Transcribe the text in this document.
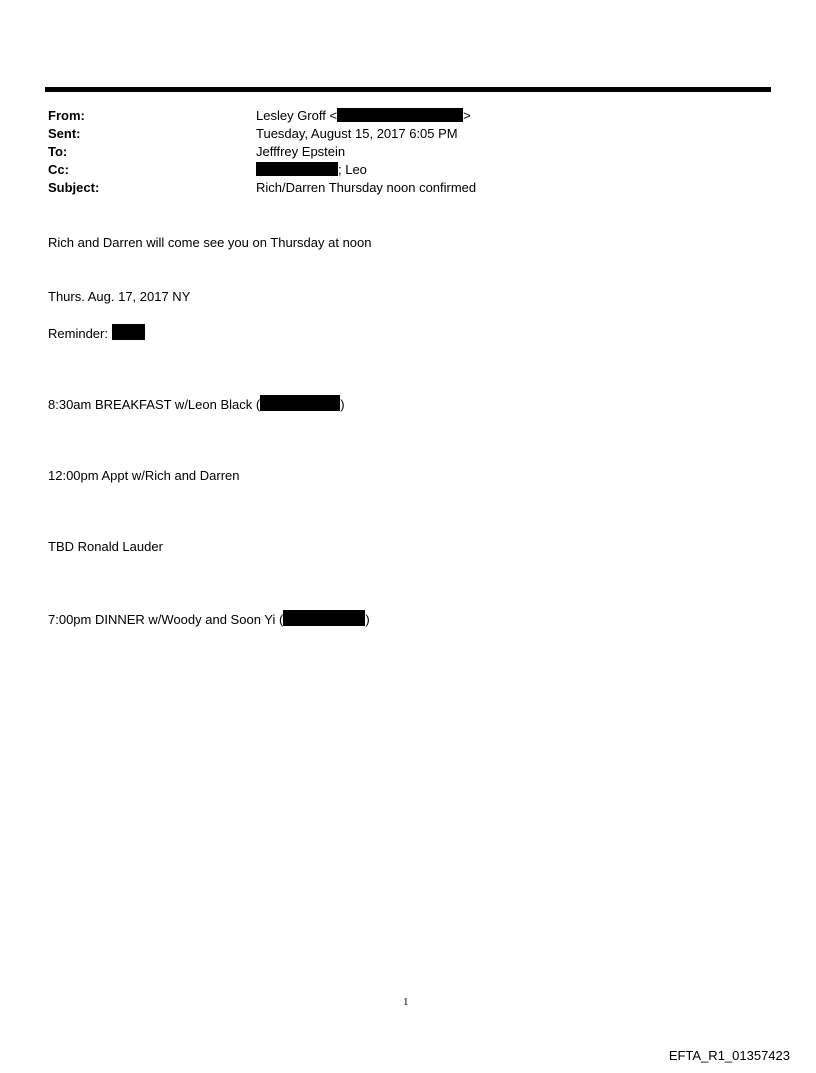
From:	Lesley Groff <	>
Sent:	Tuesday, August 15, 2017 6:05 PM
To:	Jefffrey Epstein
Cc:	; Leo
Subject:	Rich/Darren Thursday noon confirmed
Rich and Darren will come see you on Thursday at noon
Thurs. Aug. 17, 2017 NY
Reminder:
8:30am BREAKFAST w/Leon Black (	)
12:00pm Appt w/Rich and Darren
TBD Ronald Lauder
7:00pm DINNER w/Woody and Soon Yi (	)
1
EFTA_R1_01357423
